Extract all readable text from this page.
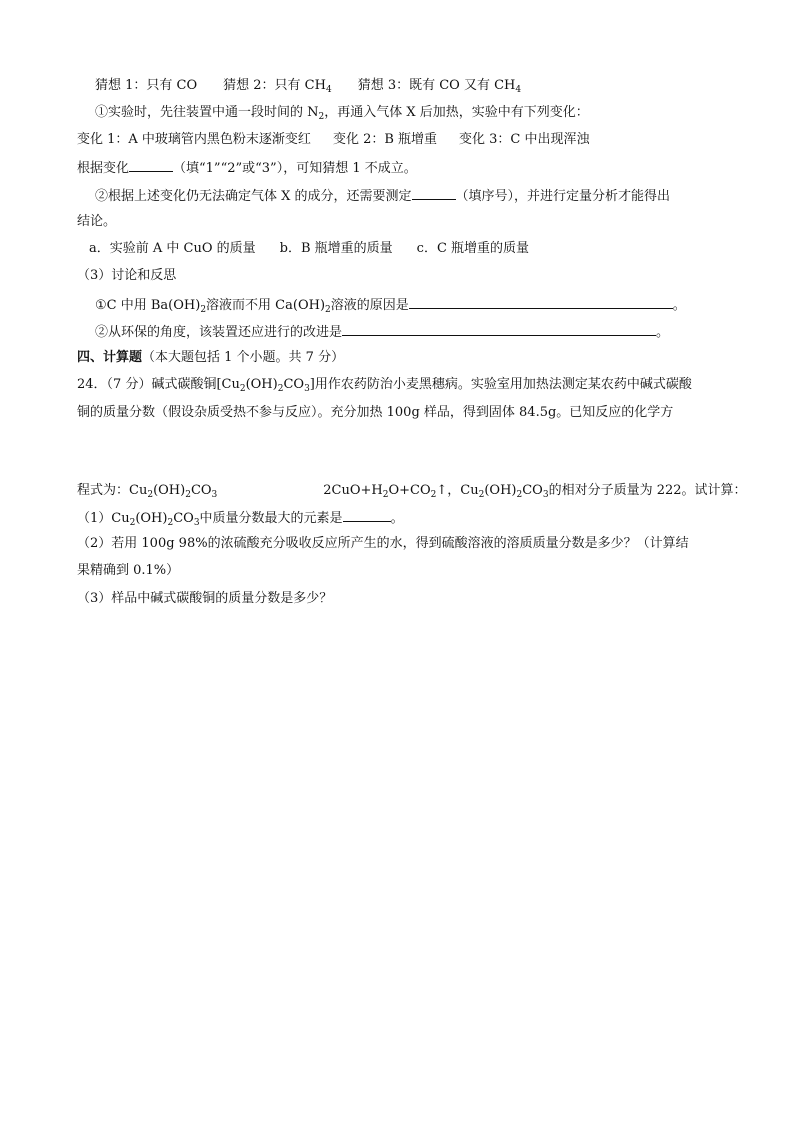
猜想 1：只有 CO 猜想 2：只有 $CH_4$ 猜想 3：既有 CO 又有 $CH_4$
①实验时，先往装置中通一段时间的 $N_2$，再通入气体 X 后加热，实验中有下列变化：
变化 1：A 中玻璃管内黑色粉末逐渐变红 变化 2：B 瓶增重 变化 3：C 中出现浑浊
根据变化	（填“1”“2”或“3”），可知猜想 1 不成立。
②根据上述变化仍无法确定气体 X 的成分，还需要测定	（填序号），并进行定量分析才能得出
结论。
a．实验前 A 中 CuO 的质量 b．B 瓶增重的质量 c．C 瓶增重的质量
（3）讨论和反思
①C 中用 $Ba(OH)_2$溶液而不用 $Ca(OH)_2$溶液的原因是	。
②从环保的角度，该装置还应进行的改进是	。
四、计算题（本大题包括 1 个小题。共 7 分）
24．（7 分）碱式碳酸铜$[Cu_2(OH)_2CO_3]$用作农药防治小麦黑穗病。实验室用加热法测定某农药中碱式碳酸
铜的质量分数（假设杂质受热不参与反应）。充分加热 100g 样品，得到固体 84.5g。已知反应的化学方
程式为：$Cu_2(OH)_2CO_3$	$2CuO+H_2O+CO_2↑$，$Cu_2(OH)_2CO_3$的相对分子质量为 222。试计算：
$(1)Cu_2(OH)_2CO_3$中质量分数最大的元素是	。
（2）若用 100g 98%的浓硫酸充分吸收反应所产生的水，得到硫酸溶液的溶质质量分数是多少？（计算结
果精确到 0.1%）
（3）样品中碱式碳酸铜的质量分数是多少？
